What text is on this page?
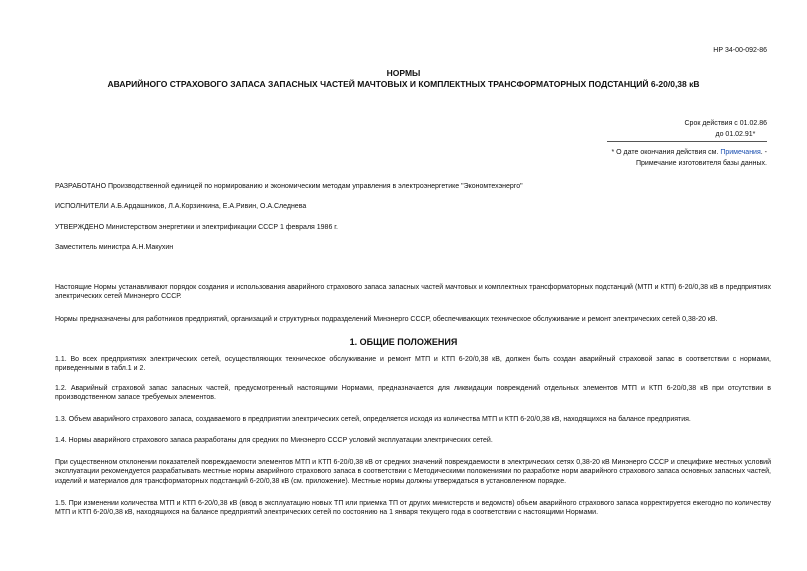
НР 34-00-092-86
НОРМЫ
АВАРИЙНОГО СТРАХОВОГО ЗАПАСА ЗАПАСНЫХ ЧАСТЕЙ МАЧТОВЫХ И КОМПЛЕКТНЫХ ТРАНСФОРМАТОРНЫХ ПОДСТАНЦИЙ 6-20/0,38 кВ
Срок действия с 01.02.86
до 01.02.91*
* О дате окончания действия см. Примечания. -
Примечание изготовителя базы данных.
РАЗРАБОТАНО Производственной единицей по нормированию и экономическим методам управления в электроэнергетике "Экономтехэнерго"
ИСПОЛНИТЕЛИ А.Б.Ардашников, Л.А.Корзинкина, Е.А.Ривин, О.А.Следнева
УТВЕРЖДЕНО Министерством энергетики и электрификации СССР 1 февраля 1986 г.
Заместитель министра А.Н.Макухин
Настоящие Нормы устанавливают порядок создания и использования аварийного страхового запаса запасных частей мачтовых и комплектных трансформаторных подстанций (МТП и КТП) 6-20/0,38 кВ в предприятиях электрических сетей Минэнерго СССР.
Нормы предназначены для работников предприятий, организаций и структурных подразделений Минэнерго СССР, обеспечивающих техническое обслуживание и ремонт электрических сетей 0,38-20 кВ.
1. ОБЩИЕ ПОЛОЖЕНИЯ
1.1. Во всех предприятиях электрических сетей, осуществляющих техническое обслуживание и ремонт МТП и КТП 6-20/0,38 кВ, должен быть создан аварийный страховой запас в соответствии с нормами, приведенными в табл.1 и 2.
1.2. Аварийный страховой запас запасных частей, предусмотренный настоящими Нормами, предназначается для ликвидации повреждений отдельных элементов МТП и КТП 6-20/0,38 кВ при отсутствии в производственном запасе требуемых элементов.
1.3. Объем аварийного страхового запаса, создаваемого в предприятии электрических сетей, определяется исходя из количества МТП и КТП 6-20/0,38 кВ, находящихся на балансе предприятия.
1.4. Нормы аварийного страхового запаса разработаны для средних по Минэнерго СССР условий эксплуатации электрических сетей.
При существенном отклонении показателей повреждаемости элементов МТП и КТП 6-20/0,38 кВ от средних значений повреждаемости в электрических сетях 0,38-20 кВ Минэнерго СССР и специфике местных условий эксплуатации рекомендуется разрабатывать местные нормы аварийного страхового запаса в соответствии с Методическими положениями по разработке норм аварийного страхового запаса основных запасных частей, изделий и материалов для трансформаторных подстанций 6-20/0,38 кВ (см. приложение). Местные нормы должны утверждаться в установленном порядке.
1.5. При изменении количества МТП и КТП 6-20/0,38 кВ (ввод в эксплуатацию новых ТП или приемка ТП от других министерств и ведомств) объем аварийного страхового запаса корректируется ежегодно по количеству МТП и КТП 6-20/0,38 кВ, находящихся на балансе предприятий электрических сетей по состоянию на 1 января текущего года в соответствии с настоящими Нормами.
